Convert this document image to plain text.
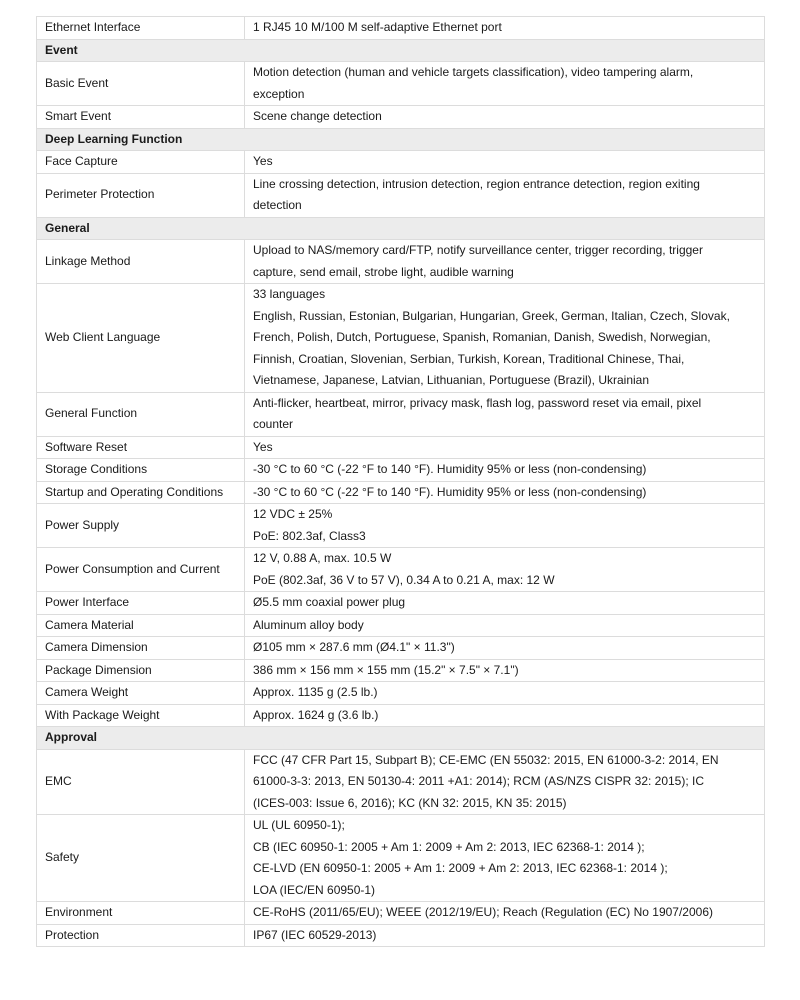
Ethernet Interface	1 RJ45 10 M/100 M self-adaptive Ethernet port

Event	
Basic Event	Motion detection (human and vehicle targets classification), video tampering alarm,
exception

Smart Event	Scene change detection

Deep Learning Function	
Face Capture	Yes

Perimeter Protection	Line crossing detection, intrusion detection, region entrance detection, region exiting
detection

General	
Linkage Method	Upload to NAS/memory card/FTP, notify surveillance center, trigger recording, trigger
capture, send email, strobe light, audible warning

Web Client Language	33 languages
English, Russian, Estonian, Bulgarian, Hungarian, Greek, German, Italian, Czech, Slovak,
French, Polish, Dutch, Portuguese, Spanish, Romanian, Danish, Swedish, Norwegian,
Finnish, Croatian, Slovenian, Serbian, Turkish, Korean, Traditional Chinese, Thai,
Vietnamese, Japanese, Latvian, Lithuanian, Portuguese (Brazil), Ukrainian

General Function	Anti-flicker, heartbeat, mirror, privacy mask, flash log, password reset via email, pixel
counter

Software Reset	Yes

Storage Conditions	-30 °C to 60 °C (-22 °F to 140 °F). Humidity 95% or less (non-condensing)

Startup and Operating Conditions	-30 °C to 60 °C (-22 °F to 140 °F). Humidity 95% or less (non-condensing)

Power Supply	12 VDC ± 25%
PoE: 802.3af, Class3

Power Consumption and Current	12 V, 0.88 A, max. 10.5 W
PoE (802.3af, 36 V to 57 V), 0.34 A to 0.21 A, max: 12 W

Power Interface	Ø5.5 mm coaxial power plug

Camera Material	Aluminum alloy body

Camera Dimension	Ø105 mm × 287.6 mm (Ø4.1" × 11.3")

Package Dimension	386 mm × 156 mm × 155 mm (15.2" × 7.5" × 7.1")

Camera Weight	Approx. 1135 g (2.5 lb.)

With Package Weight	Approx. 1624 g (3.6 lb.)

Approval	
EMC	FCC (47 CFR Part 15, Subpart B); CE-EMC (EN 55032: 2015, EN 61000-3-2: 2014, EN
61000-3-3: 2013, EN 50130-4: 2011 +A1: 2014); RCM (AS/NZS CISPR 32: 2015); IC
(ICES-003: Issue 6, 2016); KC (KN 32: 2015, KN 35: 2015)

Safety	UL (UL 60950-1);
CB (IEC 60950-1: 2005 + Am 1: 2009 + Am 2: 2013, IEC 62368-1: 2014 );
CE-LVD (EN 60950-1: 2005 + Am 1: 2009 + Am 2: 2013, IEC 62368-1: 2014 );
LOA (IEC/EN 60950-1)

Environment	CE-RoHS (2011/65/EU); WEEE (2012/19/EU); Reach (Regulation (EC) No 1907/2006)

Protection	IP67 (IEC 60529-2013)
